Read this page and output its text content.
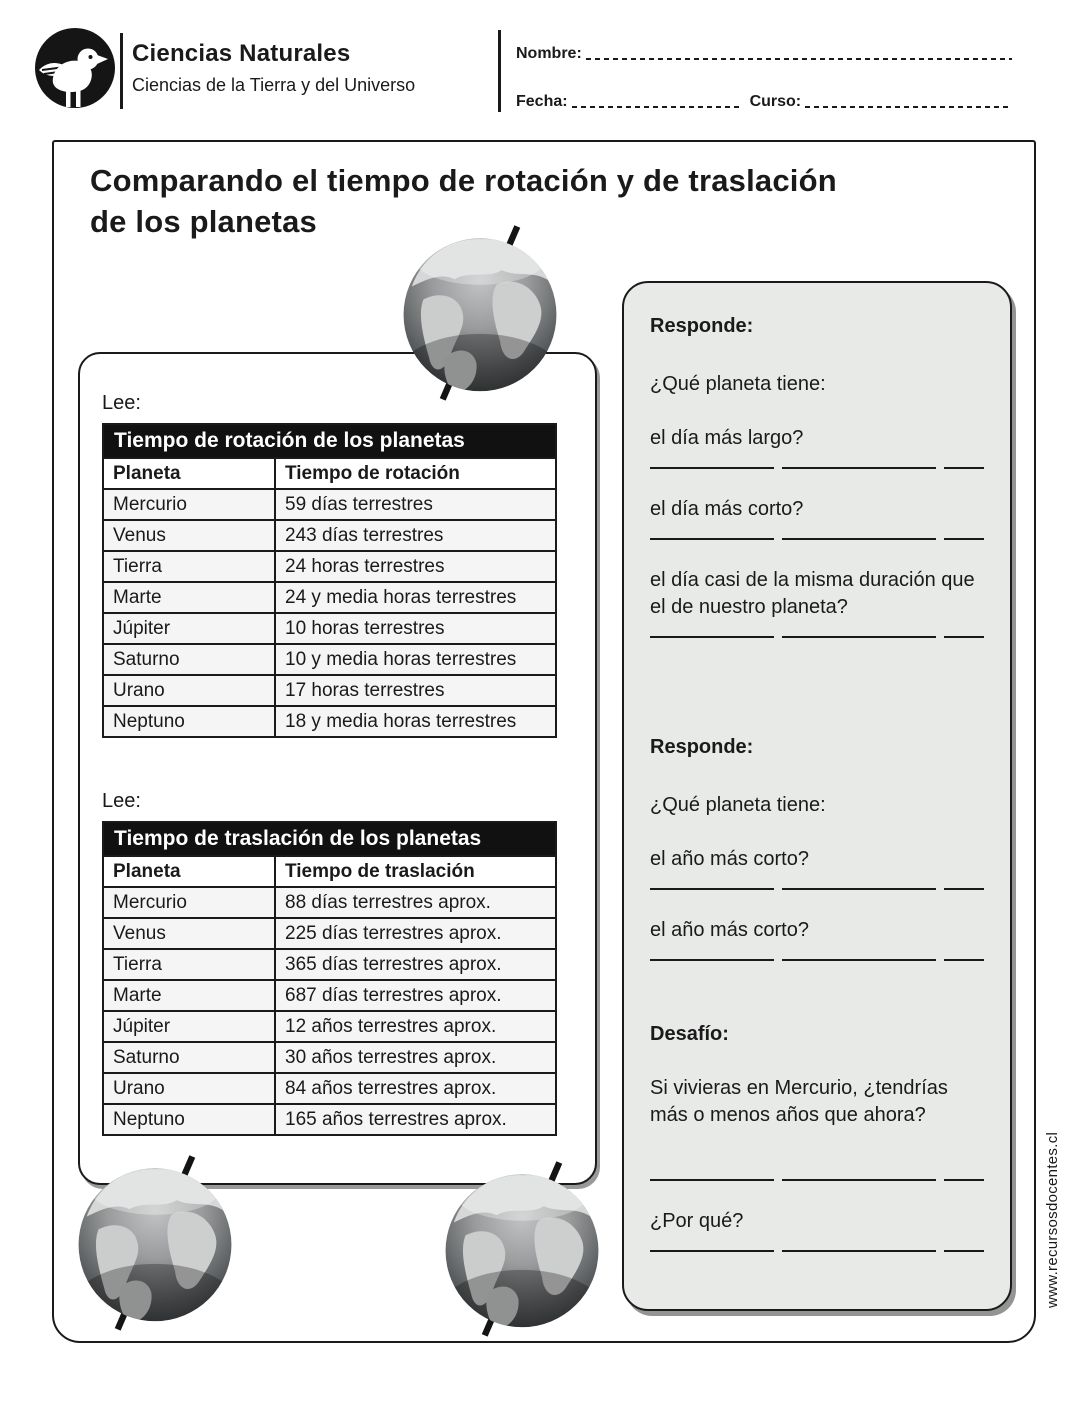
Ciencias Naturales
Ciencias de la Tierra y del Universo
Nombre:
Fecha:	Curso:
Comparando el tiempo de rotación y de traslación
de los planetas
Lee:
Tiempo de rotación de los planetas	
Planeta	Tiempo de rotación
Mercurio	59 días terrestres
Venus	243 días terrestres
Tierra	24 horas terrestres
Marte	24 y media horas terrestres
Júpiter	10 horas terrestres
Saturno	10 y media horas terrestres
Urano	17 horas terrestres
Neptuno	18 y media horas terrestres
Lee:
Tiempo de traslación de los planetas	
Planeta	Tiempo de traslación
Mercurio	88 días terrestres aprox.
Venus	225 días terrestres aprox.
Tierra	365 días terrestres aprox.
Marte	687 días terrestres aprox.
Júpiter	12 años terrestres aprox.
Saturno	30 años terrestres aprox.
Urano	84 años terrestres aprox.
Neptuno	165 años terrestres aprox.
Responde:
¿Qué planeta tiene:
el día más largo?
el día más corto?
el día casi de la misma duración que el de nuestro planeta?
Responde:
¿Qué planeta tiene:
el año más corto?
el año más corto?
Desafío:
Si vivieras en Mercurio, ¿tendrías más o menos años que ahora?
¿Por qué?	www.recursosdocentes.cl
